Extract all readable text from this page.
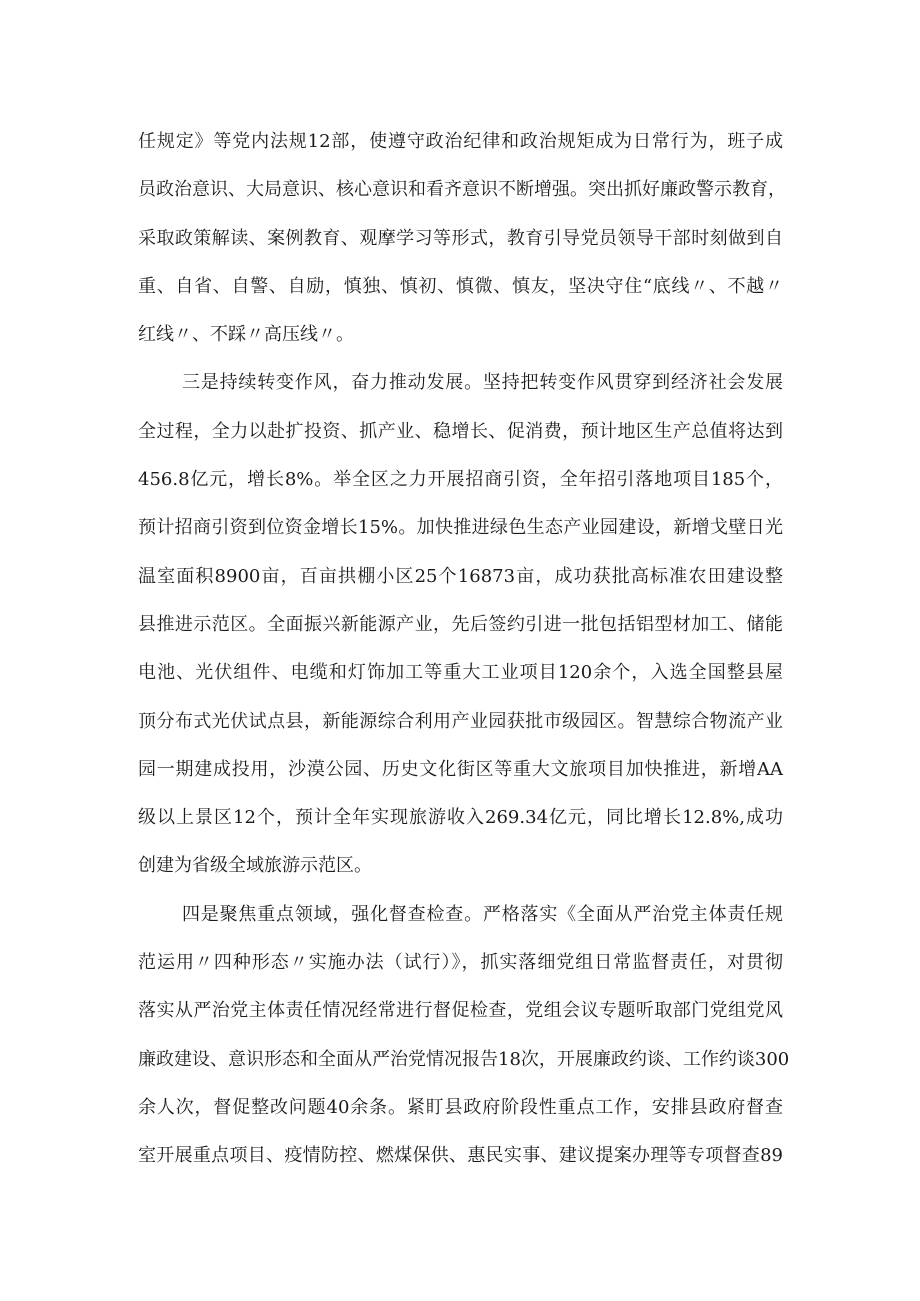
任规定》等党内法规12部，使遵守政治纪律和政治规矩成为日常行为，班子成
员政治意识、大局意识、核心意识和看齐意识不断增强。突出抓好廉政警示教育，
采取政策解读、案例教育、观摩学习等形式，教育引导党员领导干部时刻做到自
重、自省、自警、自励，慎独、慎初、慎微、慎友，坚决守住“底线〃、不越〃
红线〃、不踩〃高压线〃。
三是持续转变作风，奋力推动发展。坚持把转变作风贯穿到经济社会发展
全过程，全力以赴扩投资、抓产业、稳增长、促消费，预计地区生产总值将达到
456.8亿元，增长8%。举全区之力开展招商引资，全年招引落地项目185个，
预计招商引资到位资金增长15%。加快推进绿色生态产业园建设，新增戈壁日光
温室面积8900亩，百亩拱棚小区25个16873亩，成功获批高标准农田建设整
县推进示范区。全面振兴新能源产业，先后签约引进一批包括铝型材加工、储能
电池、光伏组件、电缆和灯饰加工等重大工业项目120余个，入选全国整县屋
顶分布式光伏试点县，新能源综合利用产业园获批市级园区。智慧综合物流产业
园一期建成投用，沙漠公园、历史文化街区等重大文旅项目加快推进，新增AA
级以上景区12个，预计全年实现旅游收入269.34亿元，同比增长12.8%,成功
创建为省级全域旅游示范区。
四是聚焦重点领域，强化督查检查。严格落实《全面从严治党主体责任规
范运用〃四种形态〃实施办法（试行）》，抓实落细党组日常监督责任，对贯彻
落实从严治党主体责任情况经常进行督促检查，党组会议专题听取部门党组党风
廉政建设、意识形态和全面从严治党情况报告18次，开展廉政约谈、工作约谈300
余人次，督促整改问题40余条。紧盯县政府阶段性重点工作，安排县政府督查
室开展重点项目、疫情防控、燃煤保供、惠民实事、建议提案办理等专项督查89
